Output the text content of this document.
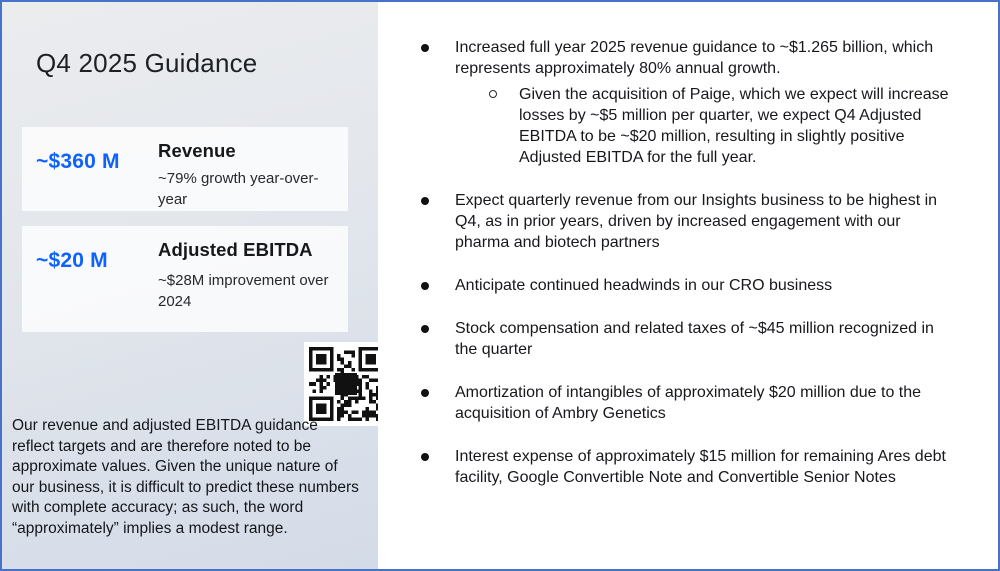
Q4 2025 Guidance
~$360 M	Revenue
~79% growth year-over-year
~$20 M	Adjusted EBITDA
~$28M improvement over 2024
Our revenue and adjusted EBITDA guidance reflect targets and are therefore noted to be approximate values. Given the unique nature of our business, it is difficult to predict these numbers with complete accuracy; as such, the word “approximately” implies a modest range.
Increased full year 2025 revenue guidance to ~$1.265 billion, which represents approximately 80% annual growth.
Given the acquisition of Paige, which we expect will increase losses by ~$5 million per quarter, we expect Q4 Adjusted EBITDA to be ~$20 million, resulting in slightly positive Adjusted EBITDA for the full year.
Expect quarterly revenue from our Insights business to be highest in Q4, as in prior years, driven by increased engagement with our pharma and biotech partners
Anticipate continued headwinds in our CRO business
Stock compensation and related taxes of ~$45 million recognized in the quarter
Amortization of intangibles of approximately $20 million due to the acquisition of Ambry Genetics
Interest expense of approximately $15 million for remaining Ares debt facility, Google Convertible Note and Convertible Senior Notes
